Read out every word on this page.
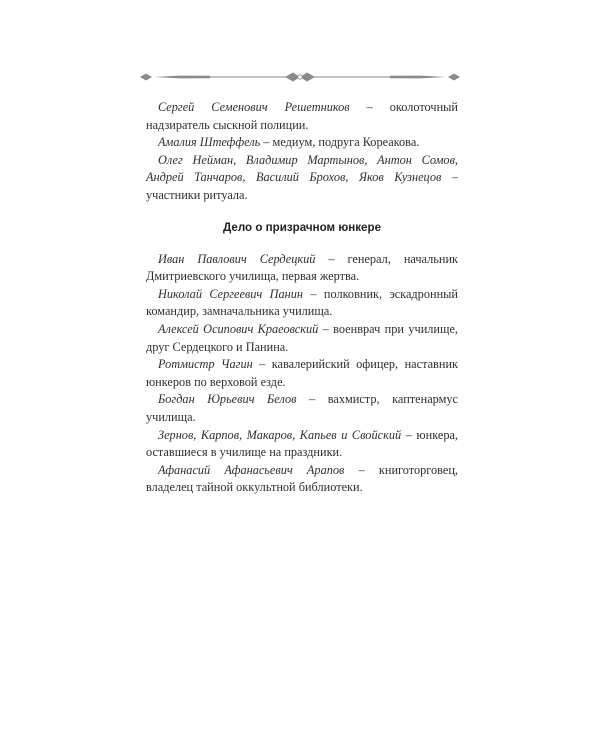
Сергей Семенович Решетников – околоточный надзиратель сыскной полиции.

Амалия Штеффель – медиум, подруга Кореакова.

Олег Нейман, Владимир Мартынов, Антон Сомов, Андрей Танчаров, Василий Брохов, Яков Кузнецов – участники ритуала.

Дело о призрачном юнкере

Иван Павлович Сердецкий – генерал, начальник Дмитриевского училища, первая жертва.

Николай Сергеевич Панин – полковник, эскадронный командир, замначальника училища.

Алексей Осипович Краеовский – военврач при училище, друг Сердецкого и Панина.

Ротмистр Чагин – кавалерийский офицер, наставник юнкеров по верховой езде.

Богдан Юрьевич Белов – вахмистр, каптенармус училища.

Зернов, Карпов, Макаров, Капьев и Свойский – юнкера, оставшиеся в училище на праздники.

Афанасий Афанасьевич Арапов – книготорговец, владелец тайной оккультной библиотеки.
